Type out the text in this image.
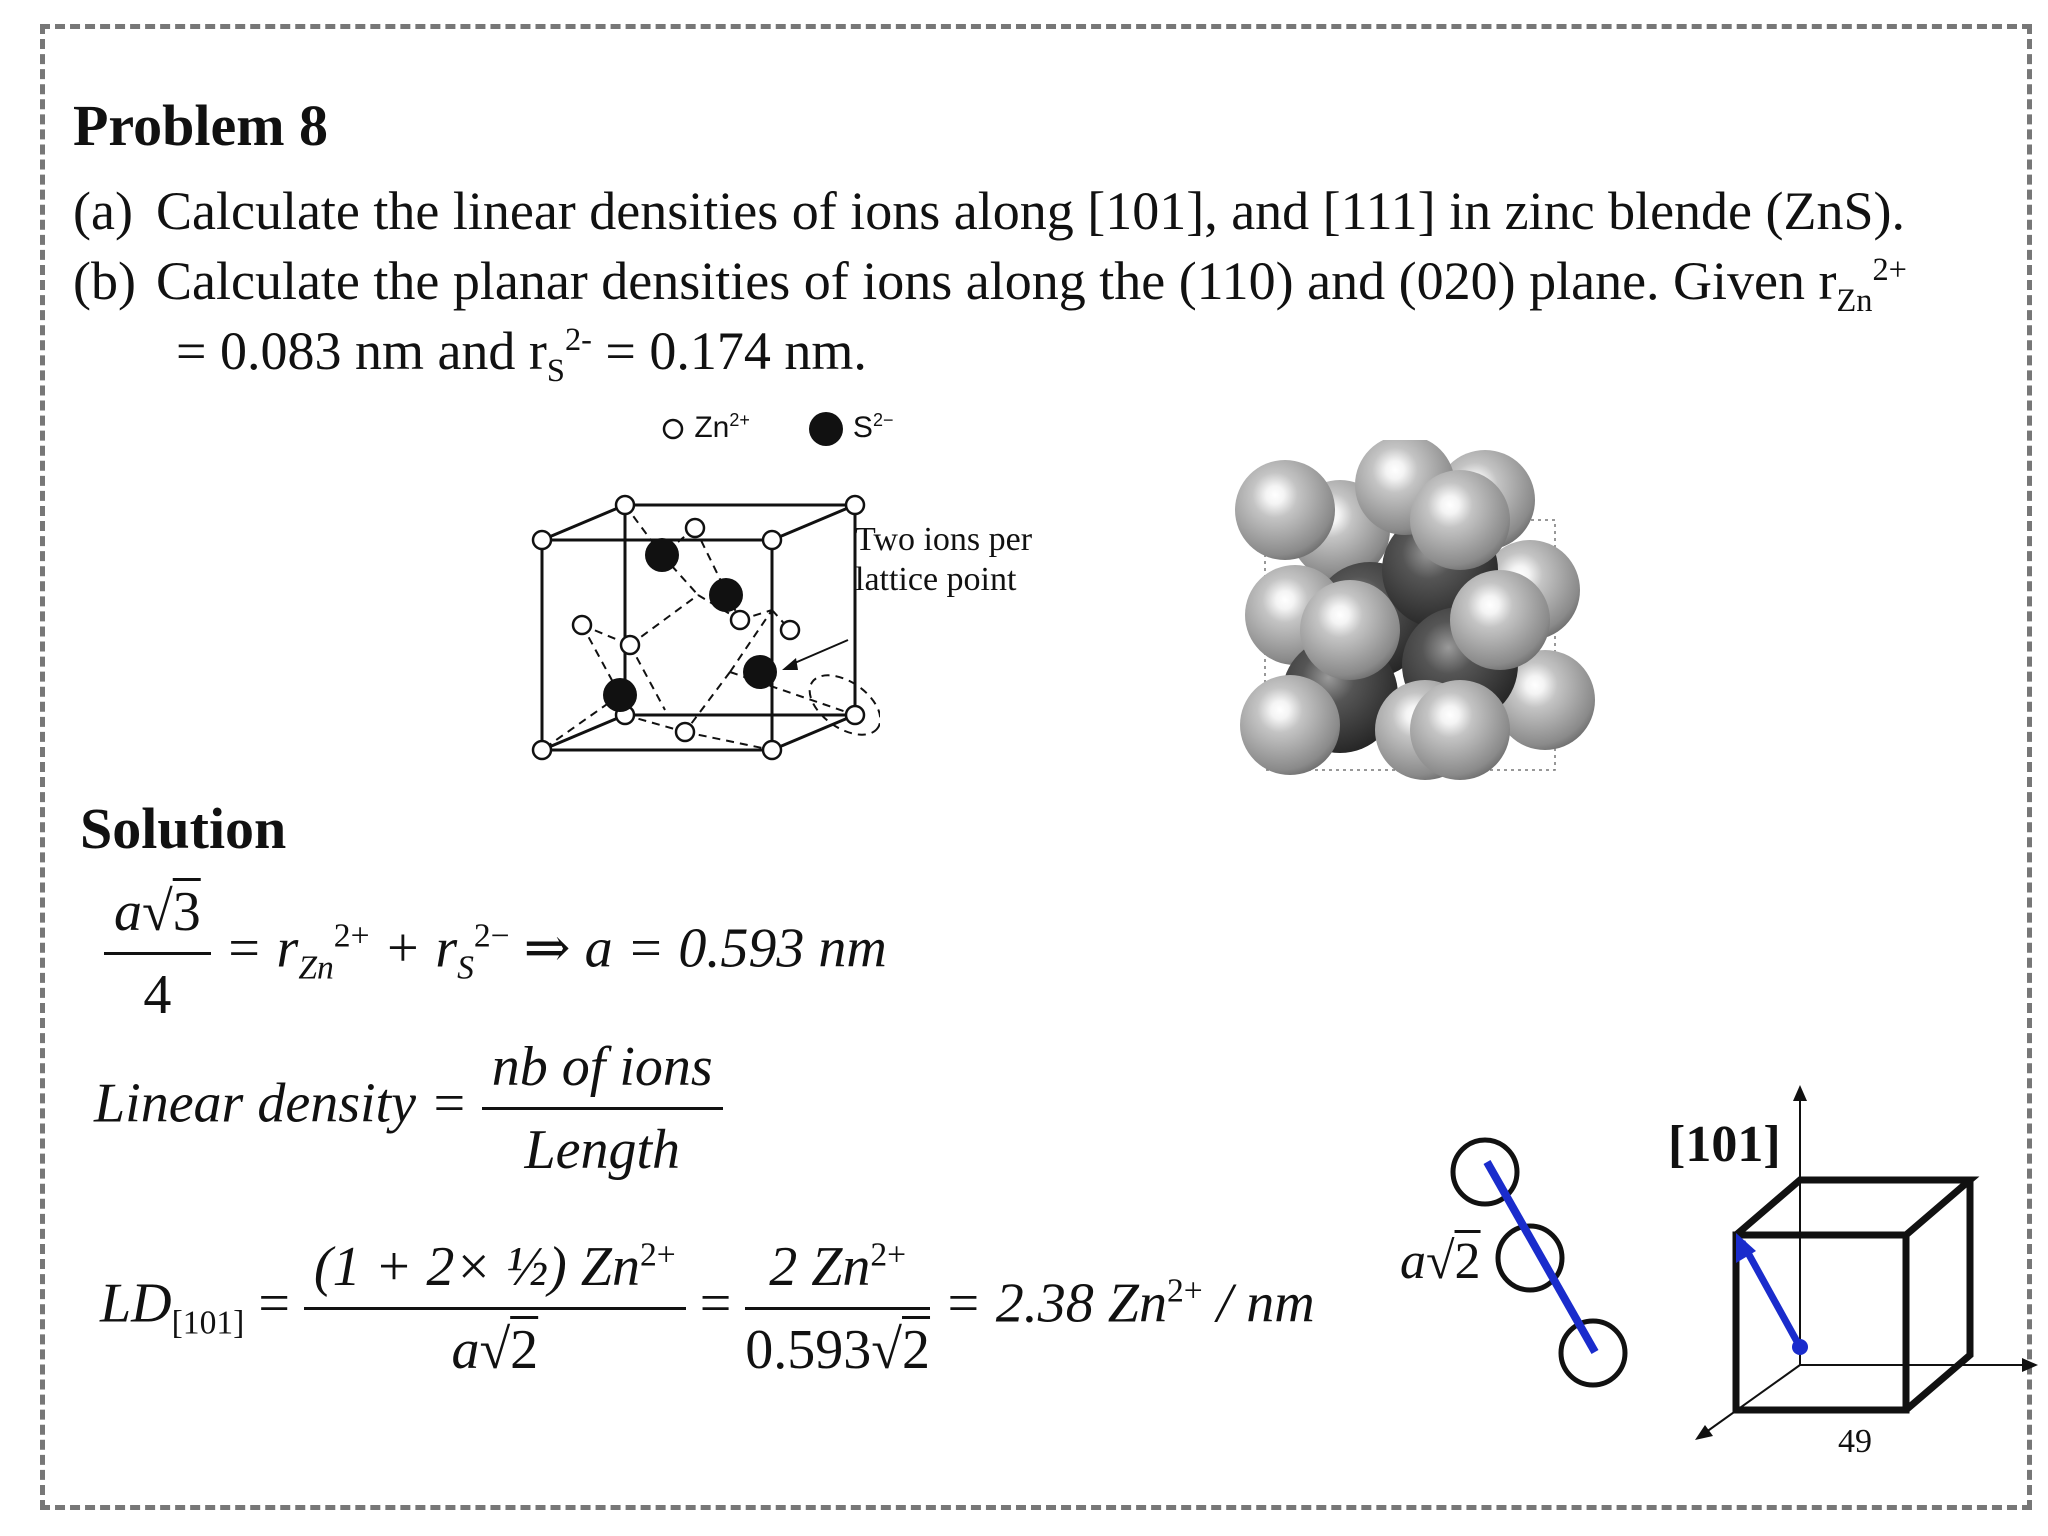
Problem 8
(a) Calculate the linear densities of ions along [101], and [111] in zinc blende (ZnS).
(b) Calculate the planar densities of ions along the (110) and (020) plane. Given $r_{Zn}^{2+}$
= 0.083 nm and $r_S^{2-} = 0.174$ nm.
$Zn^{2+}$	$S^{2-}$
Two ions per
lattice point
Solution
$\frac{a√3}{4} = r_{Zn}^{2+} + r_S^{2-}$ ⇒ a = 0.593 nm
Linear density = $\frac{\text{nb of ions}}{\text{Length}}$
$LD_{[101]} = \frac{(1 + 2\times \frac{1}{2}) Zn^{2+}}{a√2} = \frac{2 Zn^{2+}}{0.593√2} = 2.38$ $Zn^{2+}$ / nm
a√2
[101]
49
